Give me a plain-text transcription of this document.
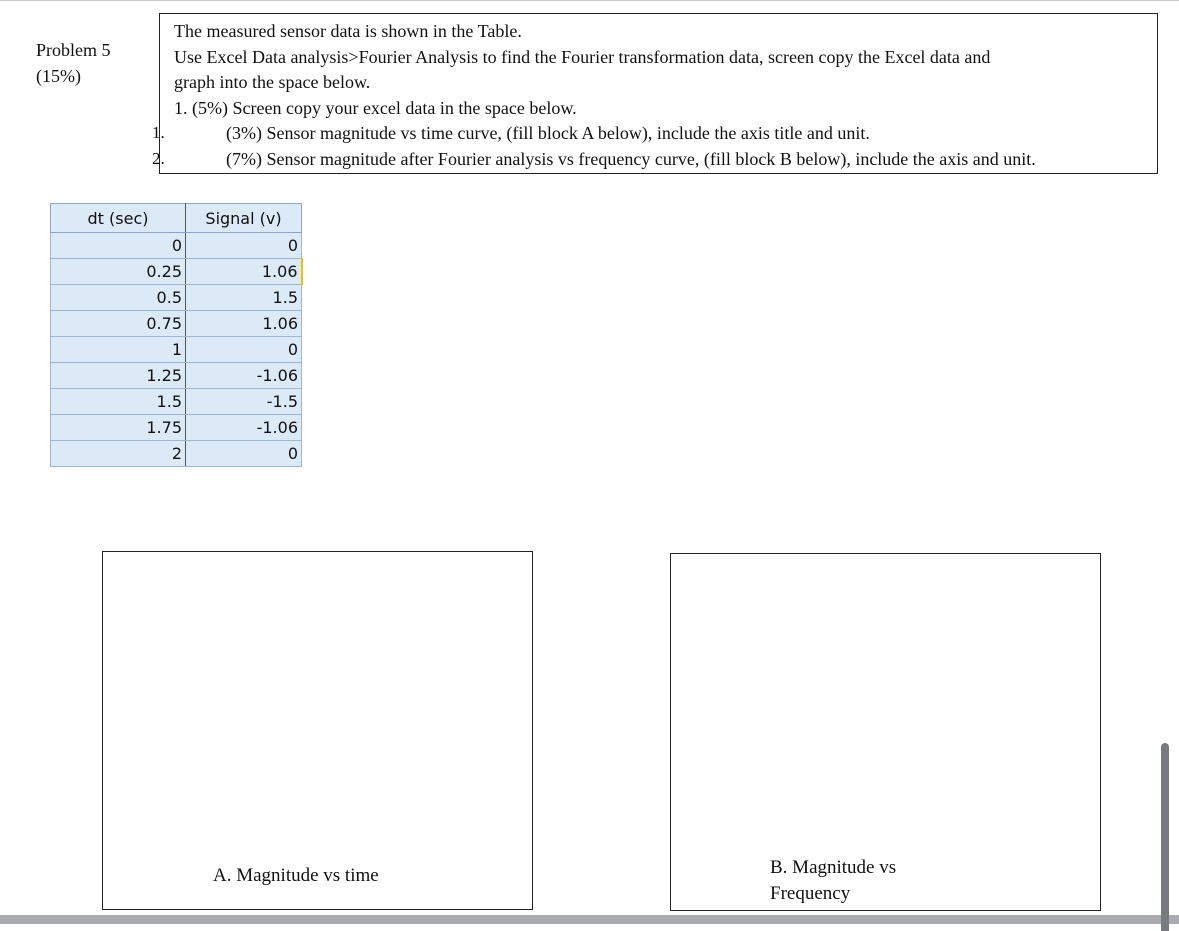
Problem 5
(15%)
The measured sensor data is shown in the Table.
Use Excel Data analysis>Fourier Analysis to find the Fourier transformation data, screen copy the Excel data and
graph into the space below.
1. (5%) Screen copy your excel data in the space below.
1.	(3%) Sensor magnitude vs time curve, (fill block A below), include the axis title and unit.
2.	(7%) Sensor magnitude after Fourier analysis vs frequency curve, (fill block B below), include the axis and unit.
dt (sec)	Signal (v)
0	0
0.25	1.06
0.5	1.5
0.75	1.06
1	0
1.25	-1.06
1.5	-1.5
1.75	-1.06
2	0
A. Magnitude vs time	B. Magnitude vs
Frequency
